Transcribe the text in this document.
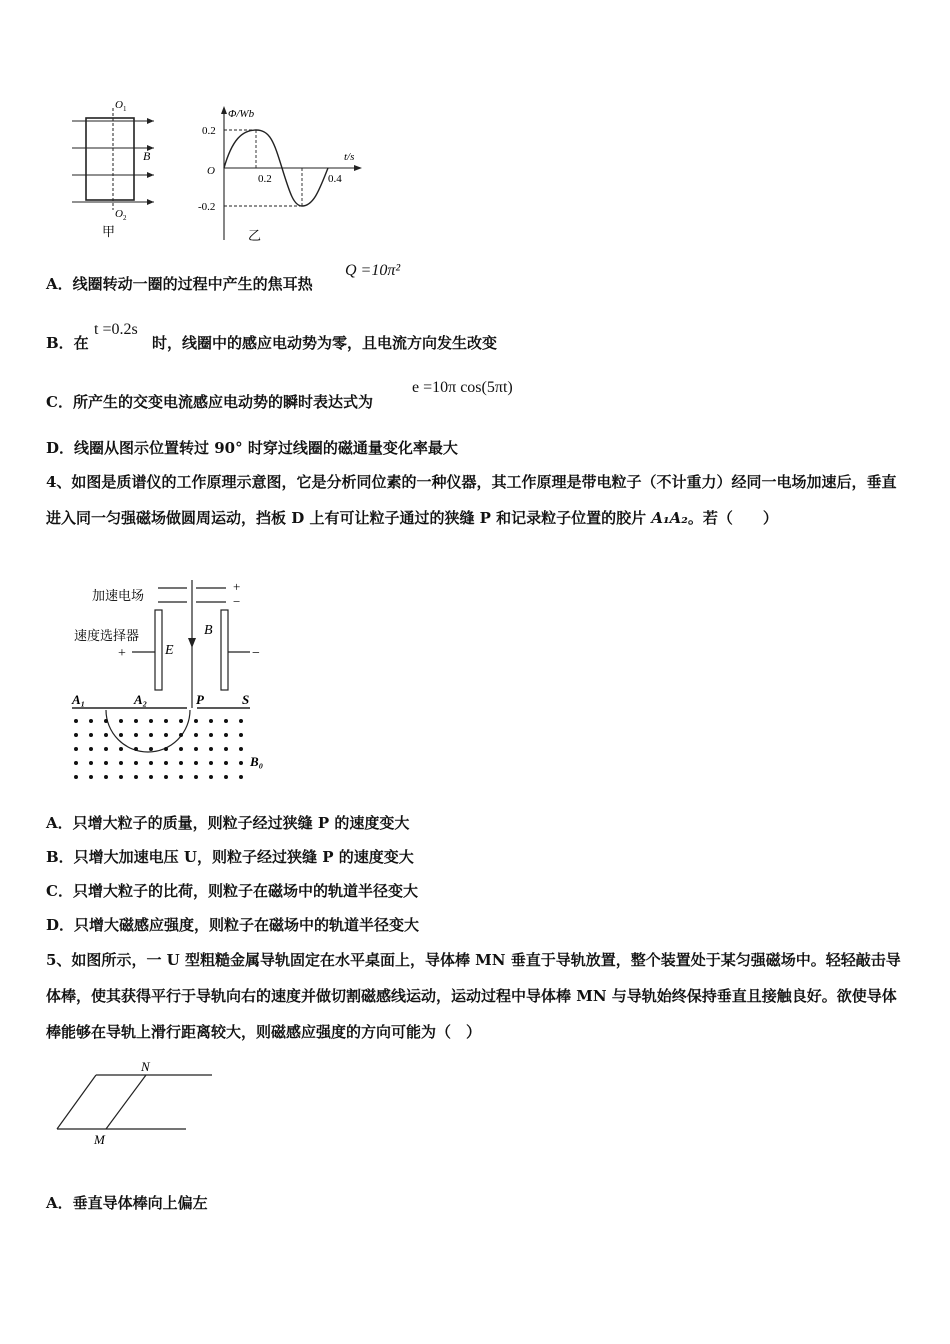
O 1
O 2
B
甲
Φ/Wb
t/s
O
0.2
-0.2
0.2	0.4
乙
A．线圈转动一圈的过程中产生的焦耳热
Q =10π²
B．在
t =0.2s
时，线圈中的感应电动势为零，且电流方向发生改变
C．所产生的交变电流感应电动势的瞬时表达式为
e =10π cos(5πt)
D．线圈从图示位置转过 90° 时穿过线圈的磁通量变化率最大
4、如图是质谱仪的工作原理示意图，它是分析同位素的一种仪器，其工作原理是带电粒子（不计重力）经同一电场加速后，垂直进入同一匀强磁场做圆周运动，挡板 D 上有可让粒子通过的狭缝 P 和记录粒子位置的胶片 A₁A₂。若（　　）
加速电场
速度选择器
+
−
+	−
E
B
A₁	A₂	P	S
B₀
A．只增大粒子的质量，则粒子经过狭缝 P 的速度变大
B．只增大加速电压 U，则粒子经过狭缝 P 的速度变大
C．只增大粒子的比荷，则粒子在磁场中的轨道半径变大
D．只增大磁感应强度，则粒子在磁场中的轨道半径变大
5、如图所示，一 U 型粗糙金属导轨固定在水平桌面上，导体棒 MN 垂直于导轨放置，整个装置处于某匀强磁场中。轻轻敲击导体棒，使其获得平行于导轨向右的速度并做切割磁感线运动，运动过程中导体棒 MN 与导轨始终保持垂直且接触良好。欲使导体棒能够在导轨上滑行距离较大，则磁感应强度的方向可能为（　）
N
M
A．垂直导体棒向上偏左
